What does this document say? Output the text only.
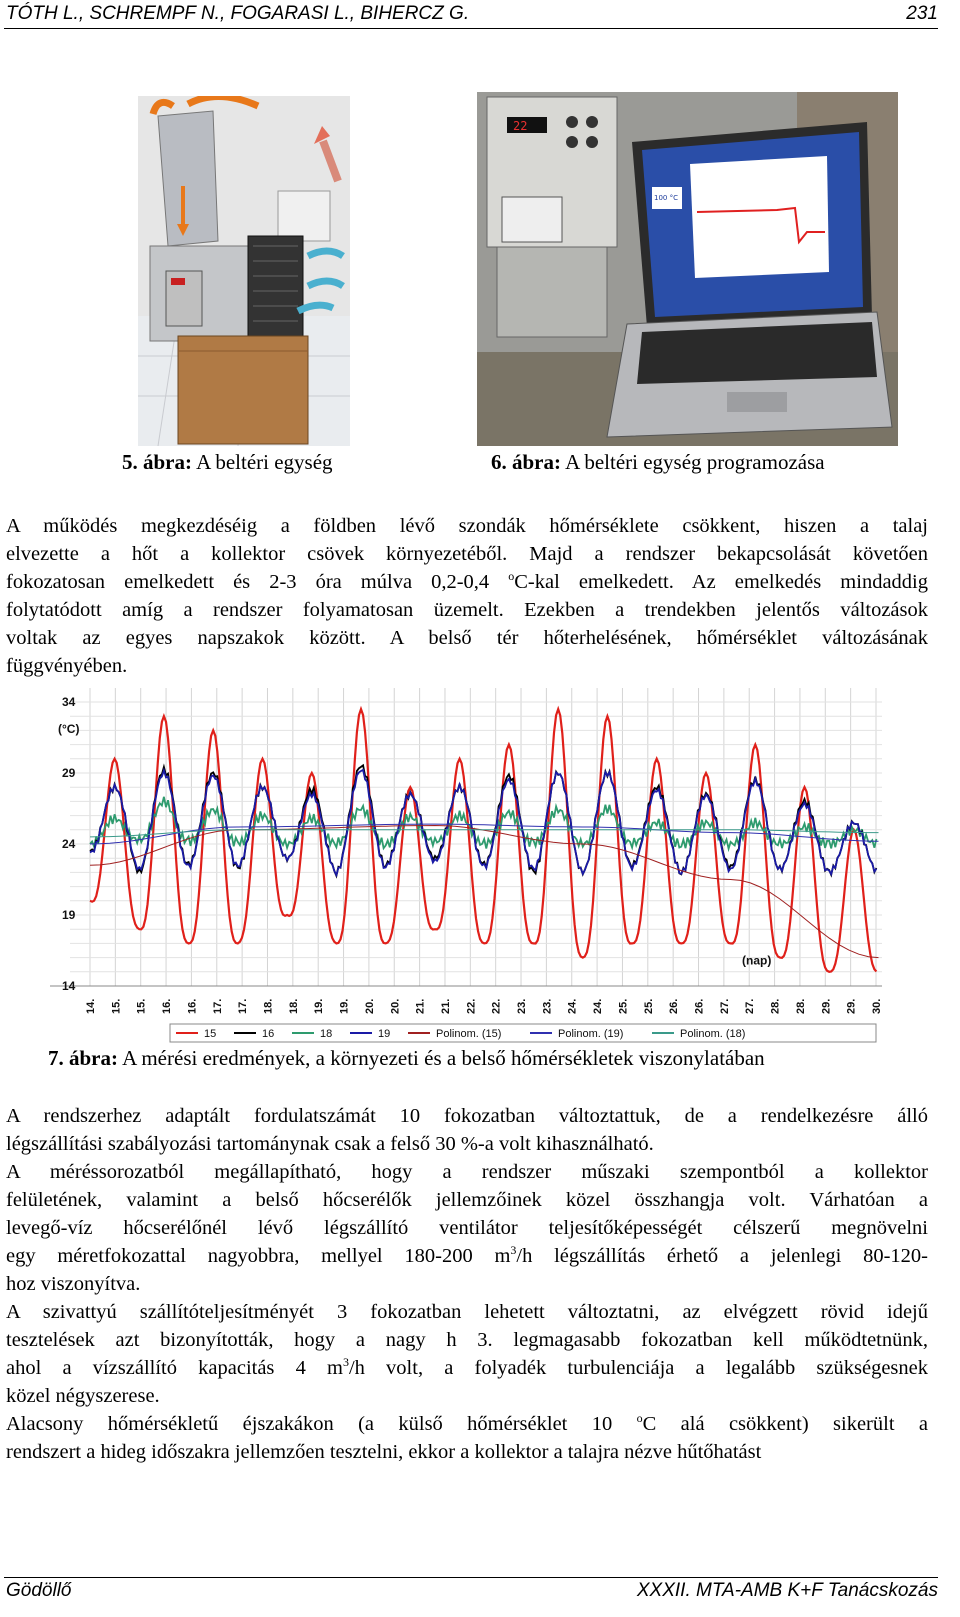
TÓTH L., SCHREMPF N., FOGARASI L., BIHERCZ G.	231
22
100 °C
5. ábra: A beltéri egység	6. ábra: A beltéri egység programozása
A működés megkezdéséig a földben lévő szondák hőmérséklete csökkent, hiszen a talaj
elvezette a hőt a kollektor csövek környezetéből. Majd a rendszer bekapcsolását követően
fokozatosan emelkedett és 2-3 óra múlva 0,2-0,4 $^o$C-kal emelkedett. Az emelkedés mindaddig
folytatódott amíg a rendszer folyamatosan üzemelt. Ezekben a trendekben jelentős változások
voltak az egyes napszakok között. A belső tér hőterhelésének, hőmérséklet változásának
függvényében.
34
29
24
19
14
(°C)
(nap)
14. 15. 15. 16. 16. 17. 17. 18. 18. 19. 19. 20. 20. 21. 21. 22. 22. 23. 23. 24. 24. 25. 25. 26. 26. 27. 27. 28. 28. 29. 29. 30.
15	16	18	19	Polinom. (15)	Polinom. (19)	Polinom. (18)
7. ábra: A mérési eredmények, a környezeti és a belső hőmérsékletek viszonylatában
A rendszerhez adaptált fordulatszámát 10 fokozatban változtattuk, de a rendelkezésre álló
légszállítási szabályozási tartománynak csak a felső 30 %-a volt kihasználható.
A méréssorozatból megállapítható, hogy a rendszer műszaki szempontból a kollektor
felületének, valamint a belső hőcserélők jellemzőinek közel összhangja volt. Várhatóan a
levegő-víz hőcserélőnél lévő légszállító ventilátor teljesítőképességét célszerű megnövelni
egy méretfokozattal nagyobbra, mellyel 180-200 $m^3/h$ légszállítás érhető a jelenlegi 80-120-
hoz viszonyítva.
A szivattyú szállítóteljesítményét 3 fokozatban lehetett változtatni, az elvégzett rövid idejű
tesztelések azt bizonyították, hogy a nagy h 3. legmagasabb fokozatban kell működtetnünk,
ahol a vízszállító kapacitás 4 $m^3/h$ volt, a folyadék turbulenciája a legalább szükségesnek
közel négyszerese.
Alacsony hőmérsékletű éjszakákon (a külső hőmérséklet 10 $^o$C alá csökkent) sikerült a
rendszert a hideg időszakra jellemzően tesztelni, ekkor a kollektor a talajra nézve hűtőhatást
Gödöllő	XXXII. MTA-AMB K+F Tanácskozás
